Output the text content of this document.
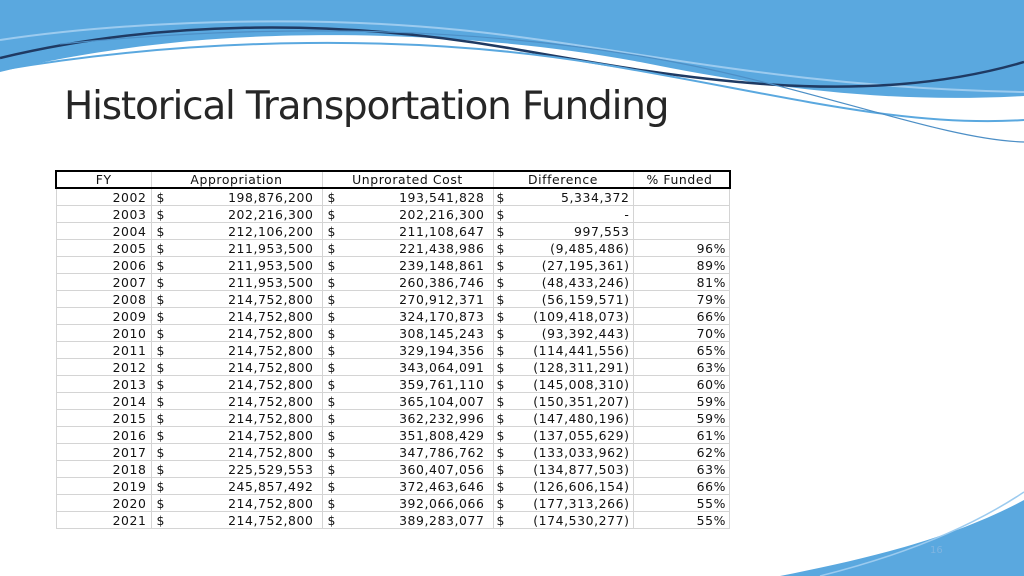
Historical Transportation Funding
FY	Appropriation	Unprorated Cost	Difference	% Funded
2002	$ 198,876,200	$ 193,541,828	$ 5,334,372	
2003	$ 202,216,300	$ 202,216,300	$ -	
2004	$ 212,106,200	$ 211,108,647	$ 997,553	
2005	$ 211,953,500	$ 221,438,986	$ (9,485,486)	96%
2006	$ 211,953,500	$ 239,148,861	$ (27,195,361)	89%
2007	$ 211,953,500	$ 260,386,746	$ (48,433,246)	81%
2008	$ 214,752,800	$ 270,912,371	$ (56,159,571)	79%
2009	$ 214,752,800	$ 324,170,873	$ (109,418,073)	66%
2010	$ 214,752,800	$ 308,145,243	$ (93,392,443)	70%
2011	$ 214,752,800	$ 329,194,356	$ (114,441,556)	65%
2012	$ 214,752,800	$ 343,064,091	$ (128,311,291)	63%
2013	$ 214,752,800	$ 359,761,110	$ (145,008,310)	60%
2014	$ 214,752,800	$ 365,104,007	$ (150,351,207)	59%
2015	$ 214,752,800	$ 362,232,996	$ (147,480,196)	59%
2016	$ 214,752,800	$ 351,808,429	$ (137,055,629)	61%
2017	$ 214,752,800	$ 347,786,762	$ (133,033,962)	62%
2018	$ 225,529,553	$ 360,407,056	$ (134,877,503)	63%
2019	$ 245,857,492	$ 372,463,646	$ (126,606,154)	66%
2020	$ 214,752,800	$ 392,066,066	$ (177,313,266)	55%
2021	$ 214,752,800	$ 389,283,077	$ (174,530,277)	55%
16
